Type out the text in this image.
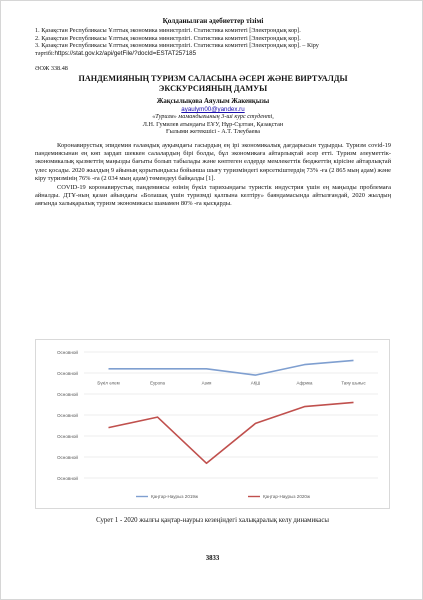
Қолданылған әдебиеттер тізімі

1. Қазақстан Республикасы Ұлттық экономика министрлігі. Статистика комитеті [Электрондық кор].

2. Қазақстан Республикасы Ұлттық экономика министрлігі. Статистика комитеті [Электрондық кор].

3. Қазақстан Республикасы Ұлттық экономика министрлігі. Статистика комитеті [Электрондық кор]. – Кіру тәртібі:https://stat.gov.kz/api/getFile/?docId=ESTAT257185

ӘОЖ 338.48

ПАНДЕМИЯНЫҢ ТУРИЗМ САЛАСЫНА ӘСЕРІ ЖӘНЕ ВИРТУАЛДЫ

ЭКСКУРСИЯНЫҢ ДАМУЫ

Жақсылықова Аяулым Жакенқызы

ayaulym00@yandex.ru

«Туризм» мамандығының 3-ші курс студенті,

Л.Н. Гумилев атындағы ЕҰУ, Нұр-Сұлтан, Қазақстан

Ғылыми жетекшісі - А.Т. Тлеубаева

Коронавирустық эпидемия ғаламдық ауқымдағы гасырдың ең ірі экономикалық дағдарысын тудырды. Туризм covid-19 пандемиясынан ең көп зардап шеккен салалардың бірі болды, бұл экономикаға айтарлықтай әсер етті. Туризм әлеуметтік-экономикалық қызметтің маңызды бағыты болып табылады және көптеген елдерде мемлекеттік бюджеттің кірісіне айтарлықтай үлес қосады. 2020 жылдың 9 айының қорытындысы бойынша шығу туризміндегі көрсеткіштердің 73% -ға (2 865 мың адам) және кіру туризмінің 76% -ға (2 034 мың адам) төмендеуі байқалды [1].

COVID-19 коронавирустық пандемиясы өзінің бүкіл тарихындағы туристік индустрия үшін ең маңызды проблемаға айналды. ДТҰ-ның қазан айындағы «Болашақ үшін туризмді қалпына келтіру» баяндамасында айтылғандай, 2020 жылдың аяғында халықаралық туризм экономикасы шамамен 80% -ға қысқарды.

Основной
Основной
Основной
Основной
Основной
Основной
Основной
Бүкіл әлем	Еуропа	Азия	АҚШ	Африка	Таяу шығыс
Қаңтар-Наурыз 2019ж	Қаңтар-Наурыз 2020ж
Сурет 1 - 2020 жылғы қаңтар-наурыз кезеңіндегі халықаралық келу динамикасы
3833
